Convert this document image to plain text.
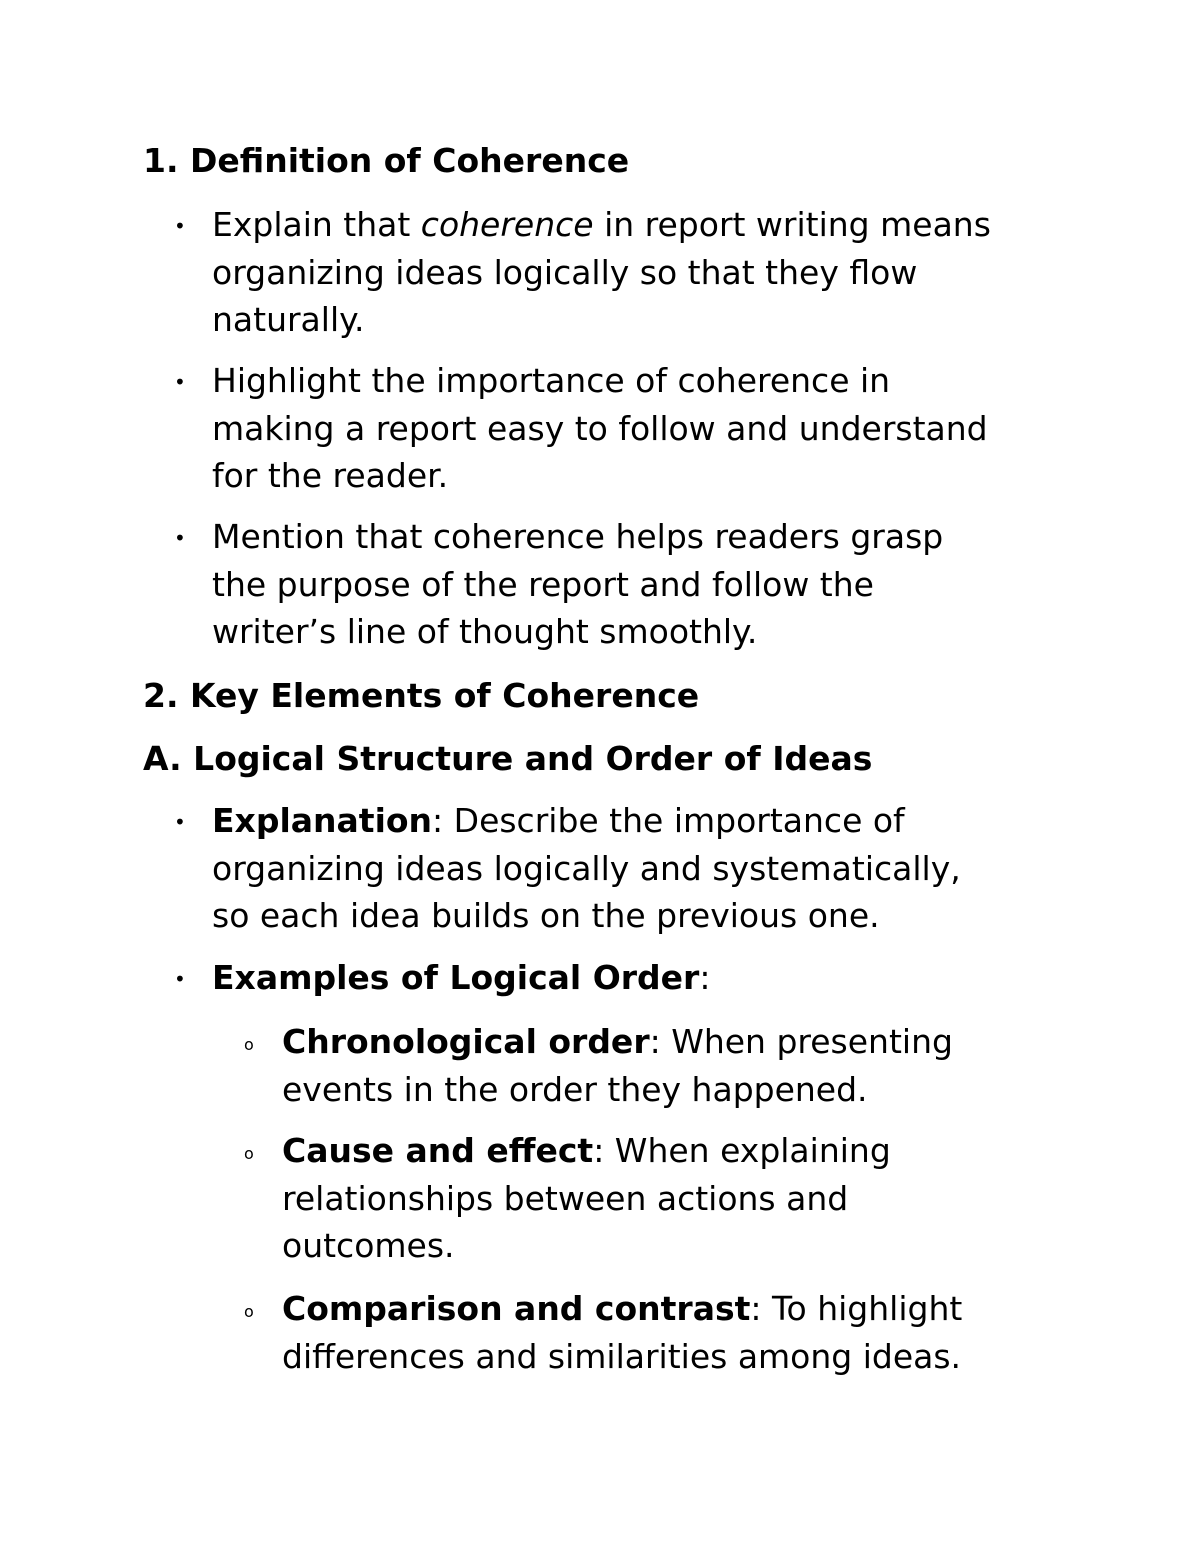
1. Definition of Coherence
• Explain that coherence in report writing means
organizing ideas logically so that they flow
naturally.
• Highlight the importance of coherence in
making a report easy to follow and understand
for the reader.
• Mention that coherence helps readers grasp
the purpose of the report and follow the
writer’s line of thought smoothly.
2. Key Elements of Coherence
A. Logical Structure and Order of Ideas
• Explanation: Describe the importance of
organizing ideas logically and systematically,
so each idea builds on the previous one.
• Examples of Logical Order:
o Chronological order: When presenting
events in the order they happened.
o Cause and effect: When explaining
relationships between actions and
outcomes.
o Comparison and contrast: To highlight
differences and similarities among ideas.
